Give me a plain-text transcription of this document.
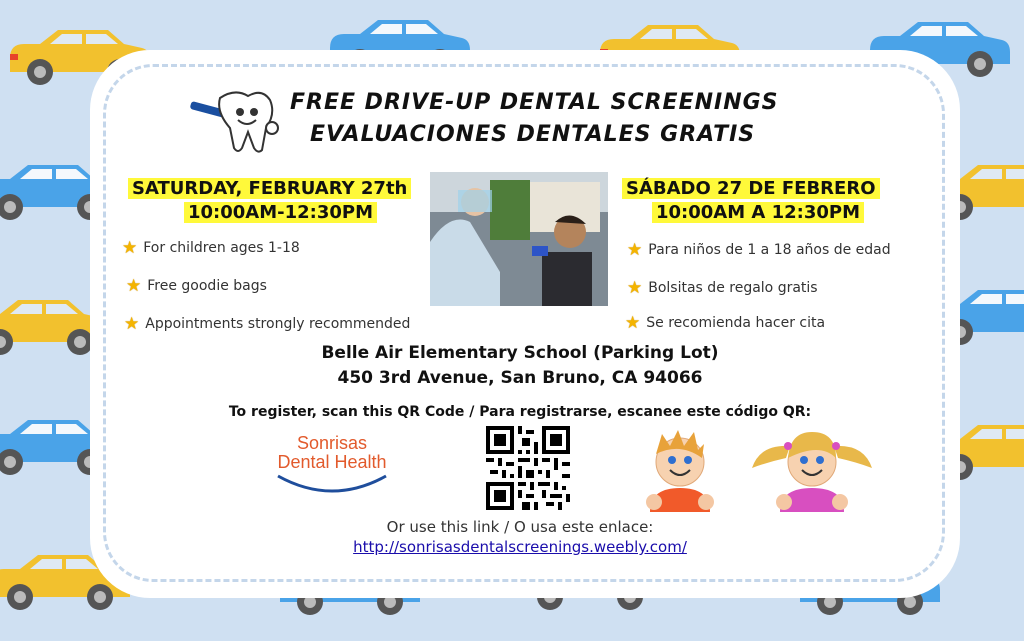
FREE DRIVE-UP DENTAL SCREENINGS
EVALUACIONES DENTALES GRATIS
SATURDAY, FEBRUARY 27th
10:00AM-12:30PM
★ For children ages 1-18
★ Free goodie bags
★ Appointments strongly recommended
SÁBADO 27 DE FEBRERO
10:00AM A 12:30PM
★ Para niños de 1 a 18 años de edad
★ Bolsitas de regalo gratis
★ Se recomienda hacer cita
Belle Air Elementary School (Parking Lot)
450 3rd Avenue, San Bruno, CA 94066
To register, scan this QR Code / Para registrarse, escanee este código QR:
Sonrisas
Dental Health
Or use this link / O usa este enlace:
http://sonrisasdentalscreenings.weebly.com/
